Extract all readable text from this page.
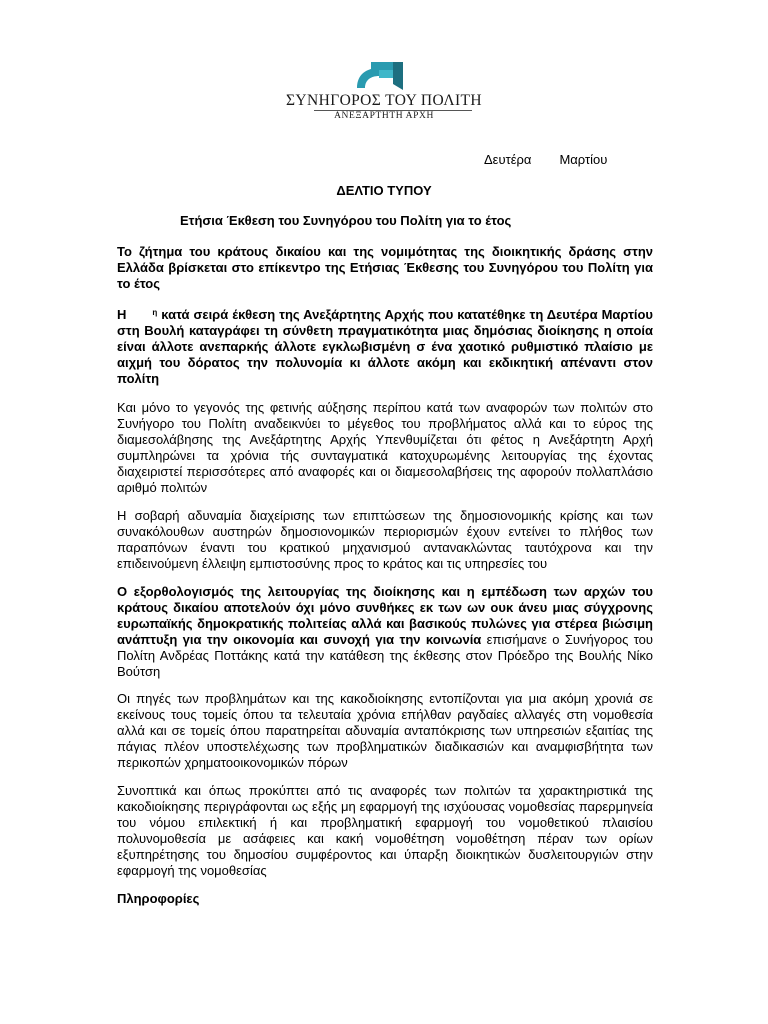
ΣΥΝΗΓΟΡΟΣ ΤΟΥ ΠΟΛΙΤΗ
ΑΝΕΞΑΡΤΗΤΗ ΑΡΧΗ
Δευτέρα Μαρτίου
ΔΕΛΤΙΟ ΤΥΠΟΥ
Ετήσια Έκθεση του Συνηγόρου του Πολίτη για το έτος
Το ζήτημα του κράτους δικαίου και της νομιμότητας της διοικητικής δράσης στην Ελλάδα βρίσκεται στο επίκεντρο της Ετήσιας Έκθεσης του Συνηγόρου του Πολίτη για το έτος
Η	$^\eta$ κατά σειρά έκθεση της Ανεξάρτητης Αρχής που κατατέθηκε τη Δευτέρα Μαρτίου στη Βουλή καταγράφει τη σύνθετη πραγματικότητα μιας δημόσιας διοίκησης η οποία είναι άλλοτε ανεπαρκής άλλοτε εγκλωβισμένη σ ένα χαοτικό ρυθμιστικό πλαίσιο με αιχμή του δόρατος την πολυνομία κι άλλοτε ακόμη και εκδικητική απέναντι στον πολίτη
Και μόνο το γεγονός της φετινής αύξησης περίπου κατά των αναφορών των πολιτών στο Συνήγορο του Πολίτη αναδεικνύει το μέγεθος του προβλήματος αλλά και το εύρος της διαμεσολάβησης της Ανεξάρτητης Αρχής Υπενθυμίζεται ότι φέτος η Ανεξάρτητη Αρχή συμπληρώνει τα χρόνια τής συνταγματικά κατοχυρωμένης λειτουργίας της έχοντας διαχειριστεί περισσότερες από αναφορές και οι διαμεσολαβήσεις της αφορούν πολλαπλάσιο αριθμό πολιτών
Η σοβαρή αδυναμία διαχείρισης των επιπτώσεων της δημοσιονομικής κρίσης και των συνακόλουθων αυστηρών δημοσιονομικών περιορισμών έχουν εντείνει το πλήθος των παραπόνων έναντι του κρατικού μηχανισμού αντανακλώντας ταυτόχρονα και την επιδεινούμενη έλλειψη εμπιστοσύνης προς το κράτος και τις υπηρεσίες του
Ο εξορθολογισμός της λειτουργίας της διοίκησης και η εμπέδωση των αρχών του κράτους δικαίου αποτελούν όχι μόνο συνθήκες εκ των ων ουκ άνευ μιας σύγχρονης ευρωπαϊκής δημοκρατικής πολιτείας αλλά και βασικούς πυλώνες για στέρεα βιώσιμη ανάπτυξη για την οικονομία και συνοχή για την κοινωνία επισήμανε ο Συνήγορος του Πολίτη Ανδρέας Ποττάκης κατά την κατάθεση της έκθεσης στον Πρόεδρο της Βουλής Νίκο Βούτση
Οι πηγές των προβλημάτων και της κακοδιοίκησης εντοπίζονται για μια ακόμη χρονιά σε εκείνους τους τομείς όπου τα τελευταία χρόνια επήλθαν ραγδαίες αλλαγές στη νομοθεσία αλλά και σε τομείς όπου παρατηρείται αδυναμία ανταπόκρισης των υπηρεσιών εξαιτίας της πάγιας πλέον υποστελέχωσης των προβληματικών διαδικασιών και αναμφισβήτητα των περικοπών χρηματοοικονομικών πόρων
Συνοπτικά και όπως προκύπτει από τις αναφορές των πολιτών τα χαρακτηριστικά της κακοδιοίκησης περιγράφονται ως εξής μη εφαρμογή της ισχύουσας νομοθεσίας παρερμηνεία του νόμου επιλεκτική ή και προβληματική εφαρμογή του νομοθετικού πλαισίου πολυνομοθεσία με ασάφειες και κακή νομοθέτηση νομοθέτηση πέραν των ορίων εξυπηρέτησης του δημοσίου συμφέροντος και ύπαρξη διοικητικών δυσλειτουργιών στην εφαρμογή της νομοθεσίας
Πληροφορίες
